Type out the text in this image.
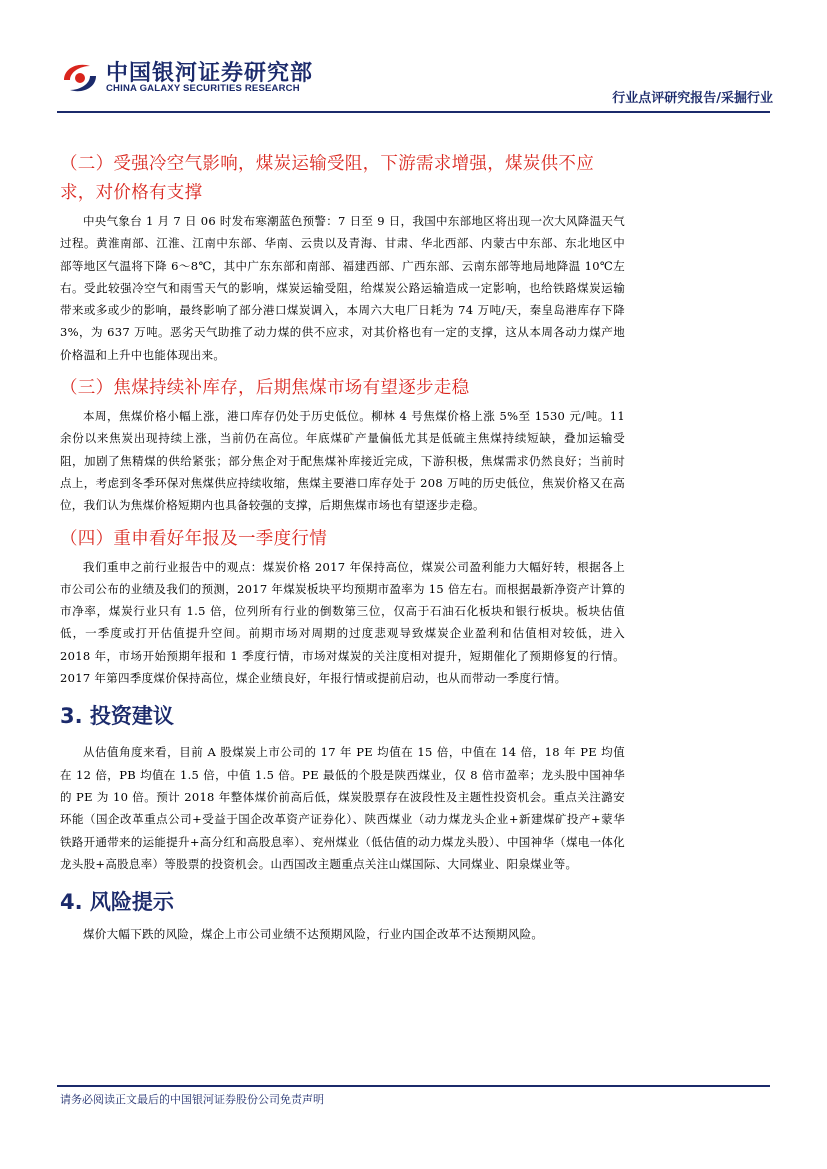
中国银河证券研究部
CHINA GALAXY SECURITIES RESEARCH
行业点评研究报告/采掘行业
（二）受强冷空气影响，煤炭运输受阻，下游需求增强，煤炭供不应求，对价格有支撑

中央气象台 1 月 7 日 06 时发布寒潮蓝色预警：7 日至 9 日，我国中东部地区将出现一次大风降温天气过程。黄淮南部、江淮、江南中东部、华南、云贵以及青海、甘肃、华北西部、内蒙古中东部、东北地区中部等地区气温将下降 6～8℃，其中广东东部和南部、福建西部、广西东部、云南东部等地局地降温 10℃左右。受此较强冷空气和雨雪天气的影响，煤炭运输受阻，给煤炭公路运输造成一定影响，也给铁路煤炭运输带来或多或少的影响，最终影响了部分港口煤炭调入，本周六大电厂日耗为 74 万吨/天，秦皇岛港库存下降 3%，为 637 万吨。恶劣天气助推了动力煤的供不应求，对其价格也有一定的支撑，这从本周各动力煤产地价格温和上升中也能体现出来。

（三）焦煤持续补库存，后期焦煤市场有望逐步走稳

本周，焦煤价格小幅上涨，港口库存仍处于历史低位。柳林 4 号焦煤价格上涨 5%至 1530 元/吨。11 余份以来焦炭出现持续上涨，当前仍在高位。年底煤矿产量偏低尤其是低硫主焦煤持续短缺，叠加运输受阻，加剧了焦精煤的供给紧张；部分焦企对于配焦煤补库接近完成，下游积极，焦煤需求仍然良好；当前时点上，考虑到冬季环保对焦煤供应持续收缩，焦煤主要港口库存处于 208 万吨的历史低位，焦炭价格又在高位，我们认为焦煤价格短期内也具备较强的支撑，后期焦煤市场也有望逐步走稳。

（四）重申看好年报及一季度行情

我们重申之前行业报告中的观点：煤炭价格 2017 年保持高位，煤炭公司盈利能力大幅好转，根据各上市公司公布的业绩及我们的预测，2017 年煤炭板块平均预期市盈率为 15 倍左右。而根据最新净资产计算的市净率，煤炭行业只有 1.5 倍，位列所有行业的倒数第三位，仅高于石油石化板块和银行板块。板块估值低，一季度或打开估值提升空间。前期市场对周期的过度悲观导致煤炭企业盈利和估值相对较低，进入 2018 年，市场开始预期年报和 1 季度行情，市场对煤炭的关注度相对提升，短期催化了预期修复的行情。2017 年第四季度煤价保持高位，煤企业绩良好，年报行情或提前启动，也从而带动一季度行情。

3. 投资建议

从估值角度来看，目前 A 股煤炭上市公司的 17 年 PE 均值在 15 倍，中值在 14 倍，18 年 PE 均值在 12 倍，PB 均值在 1.5 倍，中值 1.5 倍。PE 最低的个股是陕西煤业，仅 8 倍市盈率；龙头股中国神华的 PE 为 10 倍。预计 2018 年整体煤价前高后低，煤炭股票存在波段性及主题性投资机会。重点关注潞安环能（国企改革重点公司+受益于国企改革资产证券化）、陕西煤业（动力煤龙头企业+新建煤矿投产+蒙华铁路开通带来的运能提升+高分红和高股息率）、兖州煤业（低估值的动力煤龙头股）、中国神华（煤电一体化龙头股+高股息率）等股票的投资机会。山西国改主题重点关注山煤国际、大同煤业、阳泉煤业等。

4. 风险提示

煤价大幅下跌的风险，煤企上市公司业绩不达预期风险，行业内国企改革不达预期风险。

请务必阅读正文最后的中国银河证券股份公司免责声明
